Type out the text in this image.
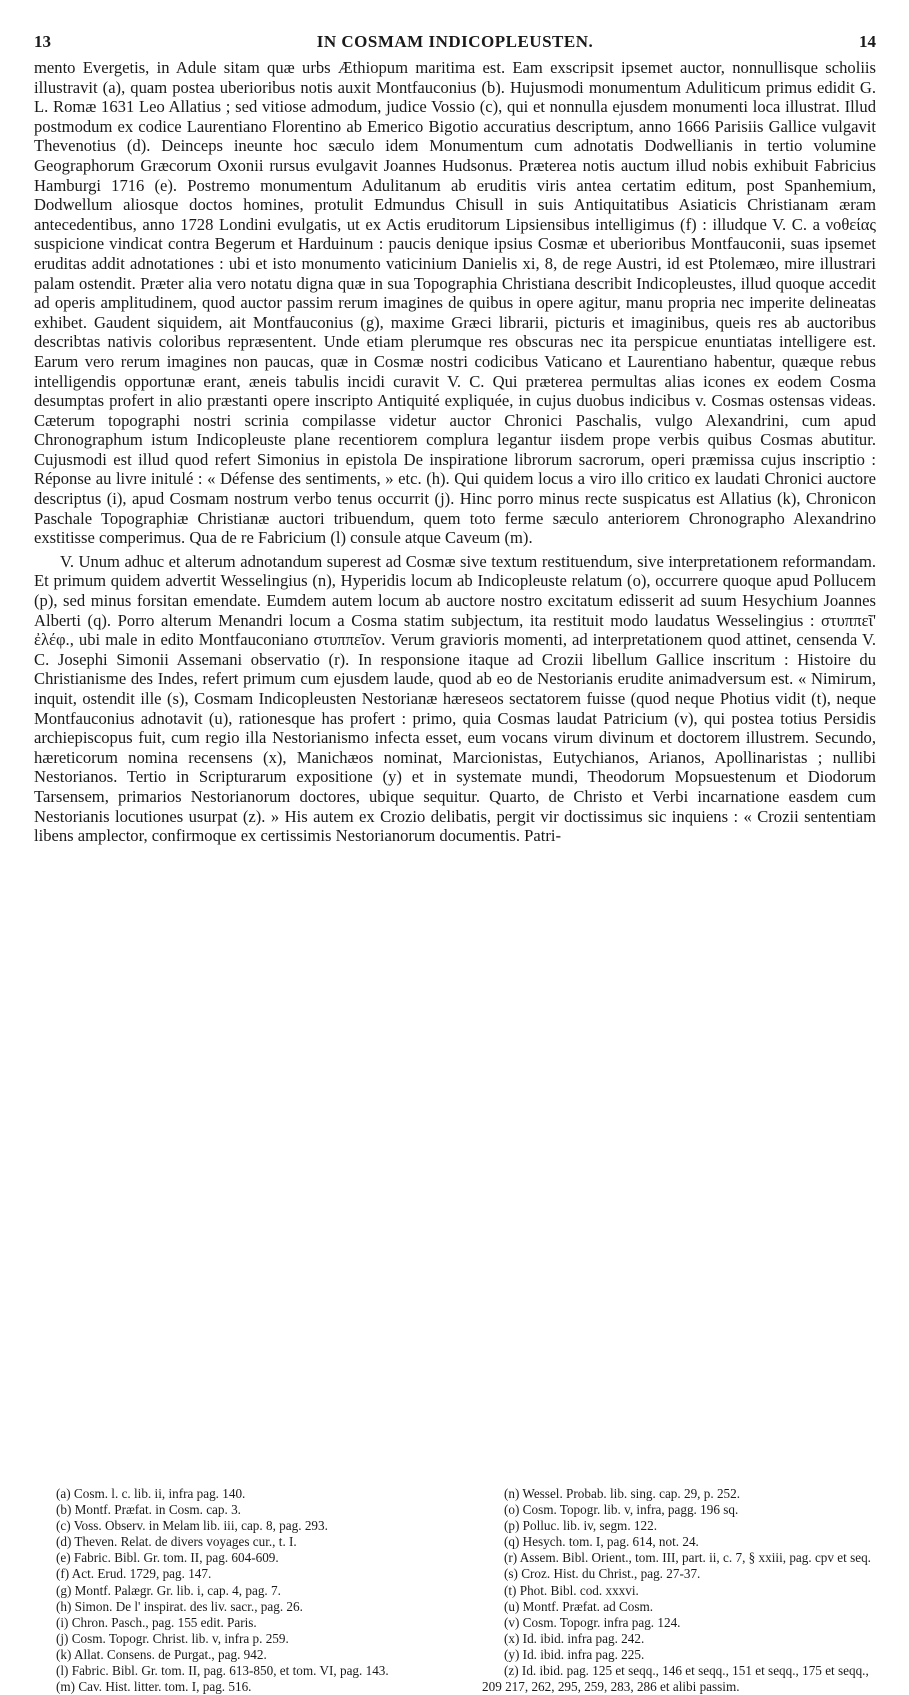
13	IN COSMAM INDICOPLEUSTEN.	14

mento Evergetis, in Adule sitam quæ urbs Æthiopum maritima est. Eam exscripsit ipsemet auctor, nonnullisque scholiis illustravit (a), quam postea uberioribus notis auxit Montfauconius (b). Hujusmodi monumentum Aduliticum primus edidit G. L. Romæ 1631 Leo Allatius ; sed vitiose admodum, judice Vossio (c), qui et nonnulla ejusdem monumenti loca illustrat. Illud postmodum ex codice Laurentiano Florentino ab Emerico Bigotio accuratius descriptum, anno 1666 Parisiis Gallice vulgavit Thevenotius (d). Deinceps ineunte hoc sæculo idem Monumentum cum adnotatis Dodwellianis in tertio volumine Geographorum Græcorum Oxonii rursus evulgavit Joannes Hudsonus. Præterea notis auctum illud nobis exhibuit Fabricius Hamburgi 1716 (e). Postremo monumentum Adulitanum ab eruditis viris antea certatim editum, post Spanhemium, Dodwellum aliosque doctos homines, protulit Edmundus Chisull in suis Antiquitatibus Asiaticis Christianam æram antecedentibus, anno 1728 Londini evulgatis, ut ex Actis eruditorum Lipsiensibus intelligimus (f) : illudque V. C. a νοθείας suspicione vindicat contra Begerum et Harduinum : paucis denique ipsius Cosmæ et uberioribus Montfauconii, suas ipsemet eruditas addit adnotationes : ubi et isto monumento vaticinium Danielis xi, 8, de rege Austri, id est Ptolemæo, mire illustrari palam ostendit. Præter alia vero notatu digna quæ in sua Topographia Christiana describit Indicopleustes, illud quoque accedit ad operis amplitudinem, quod auctor passim rerum imagines de quibus in opere agitur, manu propria nec imperite delineatas exhibet. Gaudent siquidem, ait Montfauconius (g), maxime Græci librarii, picturis et imaginibus, queis res ab auctoribus describtas nativis coloribus repræsentent. Unde etiam plerumque res obscuras nec ita perspicue enuntiatas intelligere est. Earum vero rerum imagines non paucas, quæ in Cosmæ nostri codicibus Vaticano et Laurentiano habentur, quæque rebus intelligendis opportunæ erant, æneis tabulis incidi curavit V. C. Qui præterea permultas alias icones ex eodem Cosma desumptas profert in alio præstanti opere inscripto Antiquité expliquée, in cujus duobus indicibus v. Cosmas ostensas videas. Cæterum topographi nostri scrinia compilasse videtur auctor Chronici Paschalis, vulgo Alexandrini, cum apud Chronographum istum Indicopleuste plane recentiorem complura legantur iisdem prope verbis quibus Cosmas abutitur. Cujusmodi est illud quod refert Simonius in epistola De inspiratione librorum sacrorum, operi præmissa cujus inscriptio : Réponse au livre initulé : « Défense des sentiments, » etc. (h). Qui quidem locus a viro illo critico ex laudati Chronici auctore descriptus (i), apud Cosmam nostrum verbo tenus occurrit (j). Hinc porro minus recte suspicatus est Allatius (k), Chronicon Paschale Topographiæ Christianæ auctori tribuendum, quem toto ferme sæculo anteriorem Chronographo Alexandrino exstitisse comperimus. Qua de re Fabricium (l) consule atque Caveum (m).

V. Unum adhuc et alterum adnotandum superest ad Cosmæ sive textum restituendum, sive interpretationem reformandam. Et primum quidem advertit Wesselingius (n), Hyperidis locum ab Indicopleuste relatum (o), occurrere quoque apud Pollucem (p), sed minus forsitan emendate. Eumdem autem locum ab auctore nostro excitatum edisserit ad suum Hesychium Joannes Alberti (q). Porro alterum Menandri locum a Cosma statim subjectum, ita restituit modo laudatus Wesselingius : στυππεῖ' ἐλέφ., ubi male in edito Montfauconiano στυππεῖον. Verum gravioris momenti, ad interpretationem quod attinet, censenda V. C. Josephi Simonii Assemani observatio (r). In responsione itaque ad Crozii libellum Gallice inscritum : Histoire du Christianisme des Indes, refert primum cum ejusdem laude, quod ab eo de Nestorianis erudite animadversum est. « Nimirum, inquit, ostendit ille (s), Cosmam Indicopleusten Nestorianæ hæreseos sectatorem fuisse (quod neque Photius vidit (t), neque Montfauconius adnotavit (u), rationesque has profert : primo, quia Cosmas laudat Patricium (v), qui postea totius Persidis archiepiscopus fuit, cum regio illa Nestorianismo infecta esset, eum vocans virum divinum et doctorem illustrem. Secundo, hæreticorum nomina recensens (x), Manichæos nominat, Marcionistas, Eutychianos, Arianos, Apollinaristas ; nullibi Nestorianos. Tertio in Scripturarum expositione (y) et in systemate mundi, Theodorum Mopsuestenum et Diodorum Tarsensem, primarios Nestorianorum doctores, ubique sequitur. Quarto, de Christo et Verbi incarnatione easdem cum Nestorianis locutiones usurpat (z). » His autem ex Crozio delibatis, pergit vir doctissimus sic inquiens : « Crozii sententiam libens amplector, confirmoque ex certissimis Nestorianorum documentis. Patri-

(a) Cosm. l. c. lib. ii, infra pag. 140.
(b) Montf. Præfat. in Cosm. cap. 3.
(c) Voss. Observ. in Melam lib. iii, cap. 8, pag. 293.
(d) Theven. Relat. de divers voyages cur., t. I.
(e) Fabric. Bibl. Gr. tom. II, pag. 604-609.
(f) Act. Erud. 1729, pag. 147.
(g) Montf. Palægr. Gr. lib. i, cap. 4, pag. 7.
(h) Simon. De l' inspirat. des liv. sacr., pag. 26.
(i) Chron. Pasch., pag. 155 edit. Paris.
(j) Cosm. Topogr. Christ. lib. v, infra p. 259.
(k) Allat. Consens. de Purgat., pag. 942.
(l) Fabric. Bibl. Gr. tom. II, pag. 613-850, et tom. VI, pag. 143.
(m) Cav. Hist. litter. tom. I, pag. 516.
(n) Wessel. Probab. lib. sing. cap. 29, p. 252.
(o) Cosm. Topogr. lib. v, infra, pagg. 196 sq.
(p) Polluc. lib. iv, segm. 122.
(q) Hesych. tom. I, pag. 614, not. 24.
(r) Assem. Bibl. Orient., tom. III, part. ii, c. 7, § xxiii, pag. cpv et seq.
(s) Croz. Hist. du Christ., pag. 27-37.
(t) Phot. Bibl. cod. xxxvi.
(u) Montf. Præfat. ad Cosm.
(v) Cosm. Topogr. infra pag. 124.
(x) Id. ibid. infra pag. 242.
(y) Id. ibid. infra pag. 225.
(z) Id. ibid. pag. 125 et seqq., 146 et seqq., 151 et seqq., 175 et seqq., 209 217, 262, 295, 259, 283, 286 et alibi passim.
